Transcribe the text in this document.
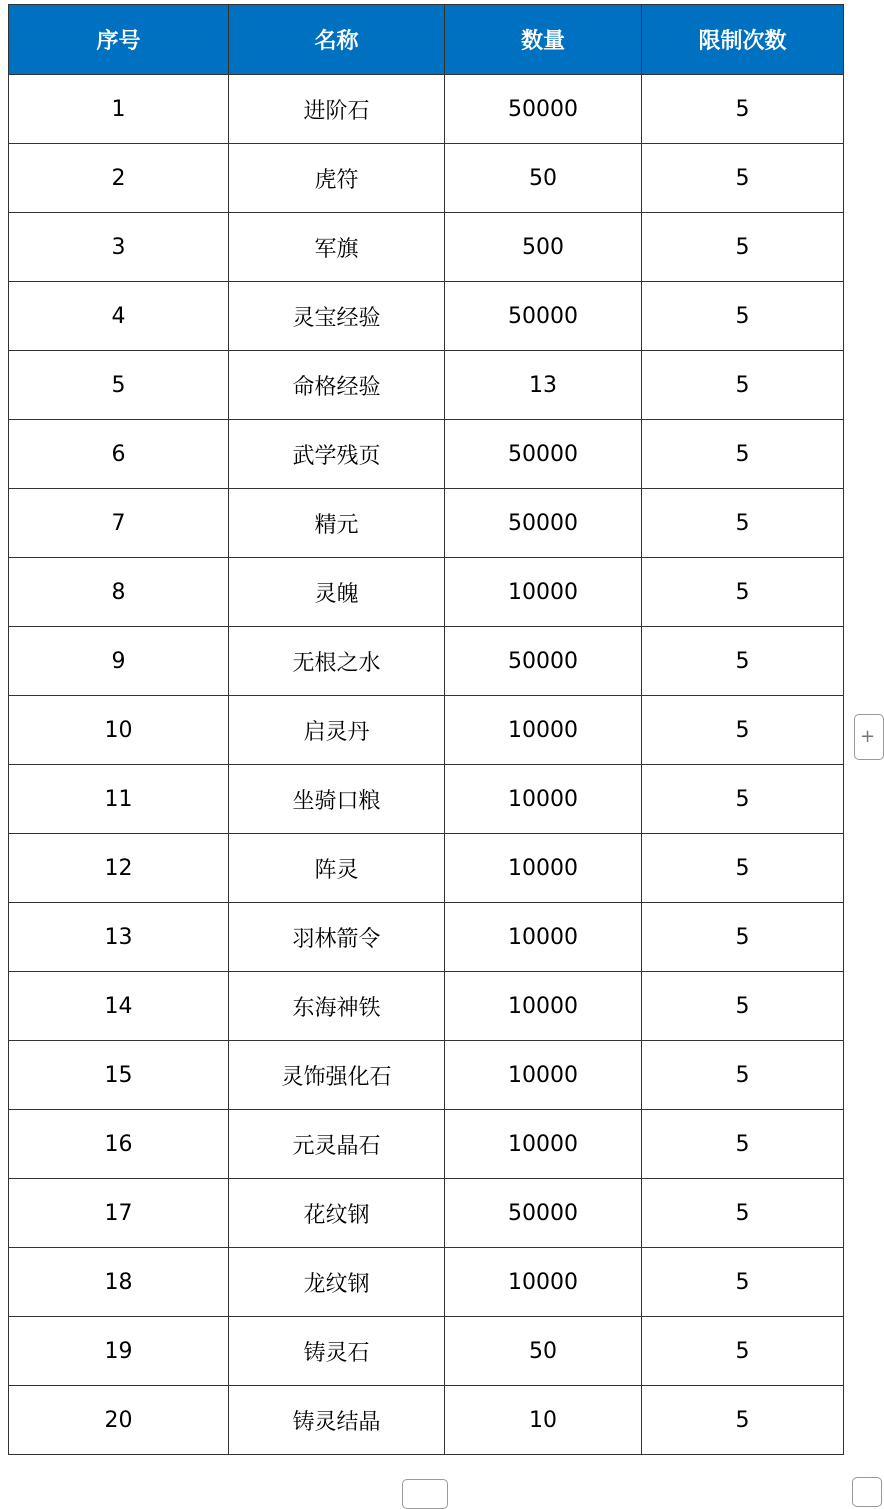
序号	名称	数量	限制次数
1	进阶石	50000	5
2	虎符	50	5
3	军旗	500	5
4	灵宝经验	50000	5
5	命格经验	13	5
6	武学残页	50000	5
7	精元	50000	5
8	灵魄	10000	5
9	无根之水	50000	5
10	启灵丹	10000	5
11	坐骑口粮	10000	5
12	阵灵	10000	5
13	羽林箭令	10000	5
14	东海神铁	10000	5
15	灵饰强化石	10000	5
16	元灵晶石	10000	5
17	花纹钢	50000	5
18	龙纹钢	10000	5
19	铸灵石	50	5
20	铸灵结晶	10	5
+
